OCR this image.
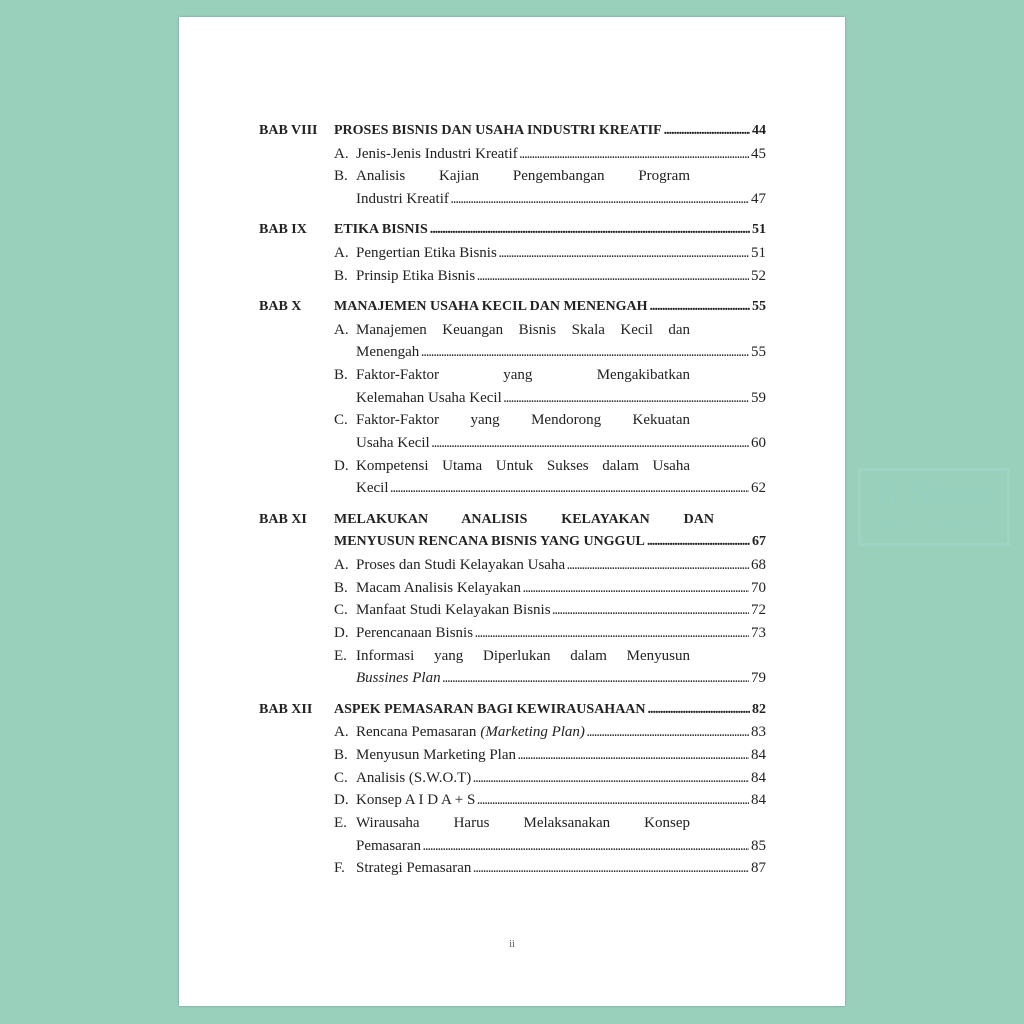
BAB VIII PROSES BISNIS DAN USAHA INDUSTRI KREATIF .....	44
A. Jenis-Jenis Industri Kreatif .....	45
B. Analisis Kajian Pengembangan Program
Industri Kreatif .....	47
BAB IX ETIKA BISNIS .....	51
A. Pengertian Etika Bisnis .....	51
B. Prinsip Etika Bisnis .....	52
BAB X MANAJEMEN USAHA KECIL DAN MENENGAH .....	55
A. Manajemen Keuangan Bisnis Skala Kecil dan
Menengah .....	55
B. Faktor-Faktor yang Mengakibatkan
Kelemahan Usaha Kecil .....	59
C. Faktor-Faktor yang Mendorong Kekuatan
Usaha Kecil .....	60
D. Kompetensi Utama Untuk Sukses dalam Usaha
Kecil .....	62
BAB XI MELAKUKAN ANALISIS KELAYAKAN DAN
MENYUSUN RENCANA BISNIS YANG UNGGUL .....	67
A. Proses dan Studi Kelayakan Usaha .....	68
B. Macam Analisis Kelayakan .....	70
C. Manfaat Studi Kelayakan Bisnis .....	72
D. Perencanaan Bisnis .....	73
E. Informasi yang Diperlukan dalam Menyusun
Bussines Plan .....	79
BAB XII ASPEK PEMASARAN BAGI KEWIRAUSAHAAN .....	82
A. Rencana Pemasaran (Marketing Plan) .....	83
B. Menyusun Marketing Plan .....	84
C. Analisis (S.W.O.T) .....	84
D. Konsep A I D A + S .....	84
E. Wirausaha Harus Melaksanakan Konsep
Pemasaran .....	85
F. Strategi Pemasaran .....	87
ii
R-Stats
ORIGINAL BOOKSTORE
